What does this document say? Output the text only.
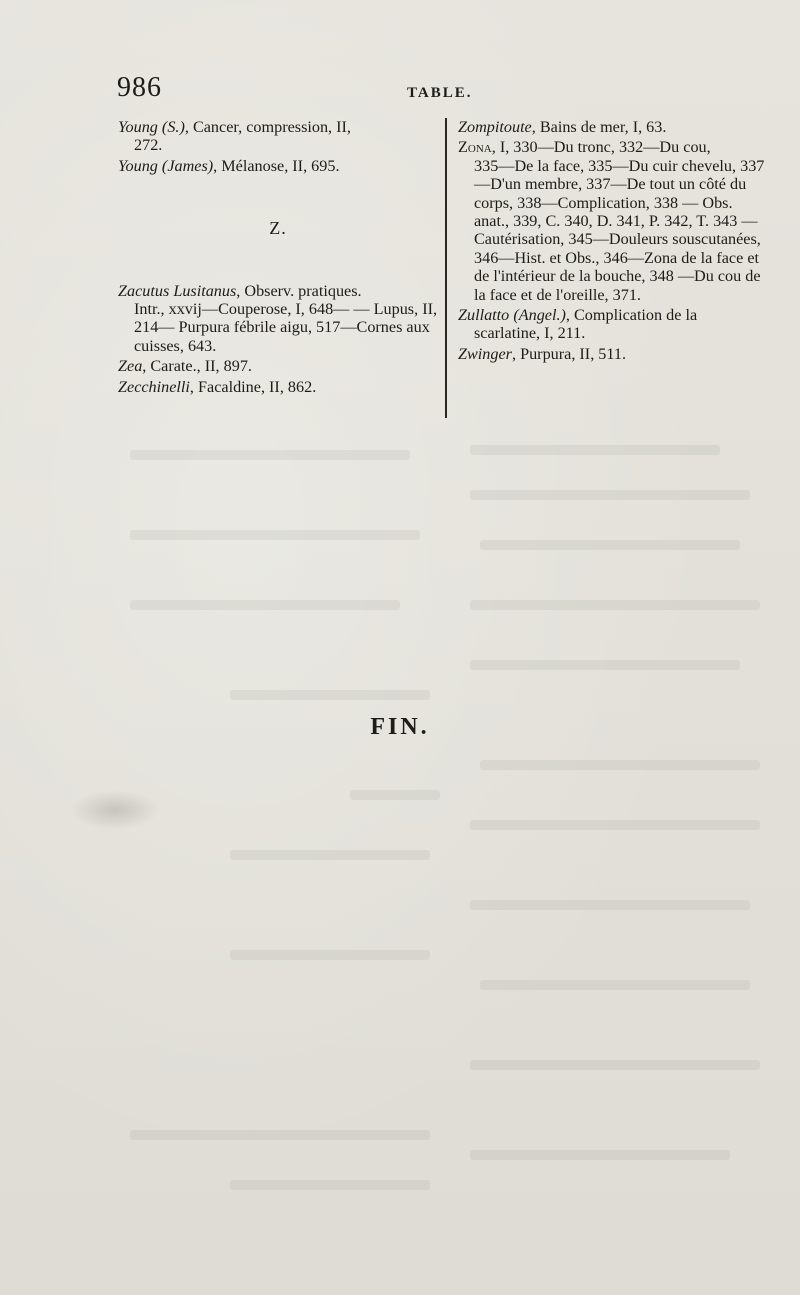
986	TABLE.
Young (S.), Cancer, compression, II,
272.
Young (James), Mélanose, II, 695.
Z.
Zacutus Lusitanus, Observ. pratiques.
Intr., xxvij—Couperose, I, 648— — Lupus, II, 214— Purpura fébrile aigu, 517—Cornes aux cuisses, 643.
Zea, Carate., II, 897.
Zecchinelli, Facaldine, II, 862.
Zompitoute, Bains de mer, I, 63.
Zona, I, 330—Du tronc, 332—Du cou,
335—De la face, 335—Du cuir chevelu, 337—D'un membre, 337—De tout un côté du corps, 338—Complication, 338 — Obs. anat., 339, C. 340, D. 341, P. 342, T. 343 — Cautérisation, 345—Douleurs souscutanées, 346—Hist. et Obs., 346—Zona de la face et de l'intérieur de la bouche, 348 —Du cou de la face et de l'oreille, 371.
Zullatto (Angel.), Complication de la
scarlatine, I, 211.
Zwinger, Purpura, II, 511.
FIN.
